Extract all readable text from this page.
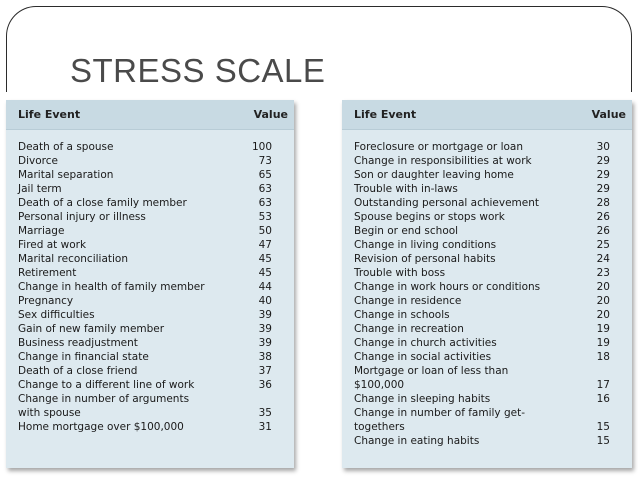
STRESS SCALE
Life Event	Value
Death of a spouse	100
Divorce	73
Marital separation	65
Jail term	63
Death of a close family member	63
Personal injury or illness	53
Marriage	50
Fired at work	47
Marital reconciliation	45
Retirement	45
Change in health of family member	44
Pregnancy	40
Sex difficulties	39
Gain of new family member	39
Business readjustment	39
Change in financial state	38
Death of a close friend	37
Change to a different line of work	36
Change in number of arguments
with spouse	35
Home mortgage over $100,000	31
Life Event	Value
Foreclosure or mortgage or loan	30
Change in responsibilities at work	29
Son or daughter leaving home	29
Trouble with in-laws	29
Outstanding personal achievement	28
Spouse begins or stops work	26
Begin or end school	26
Change in living conditions	25
Revision of personal habits	24
Trouble with boss	23
Change in work hours or conditions	20
Change in residence	20
Change in schools	20
Change in recreation	19
Change in church activities	19
Change in social activities	18
Mortgage or loan of less than
$100,000	17
Change in sleeping habits	16
Change in number of family get-
togethers	15
Change in eating habits	15
